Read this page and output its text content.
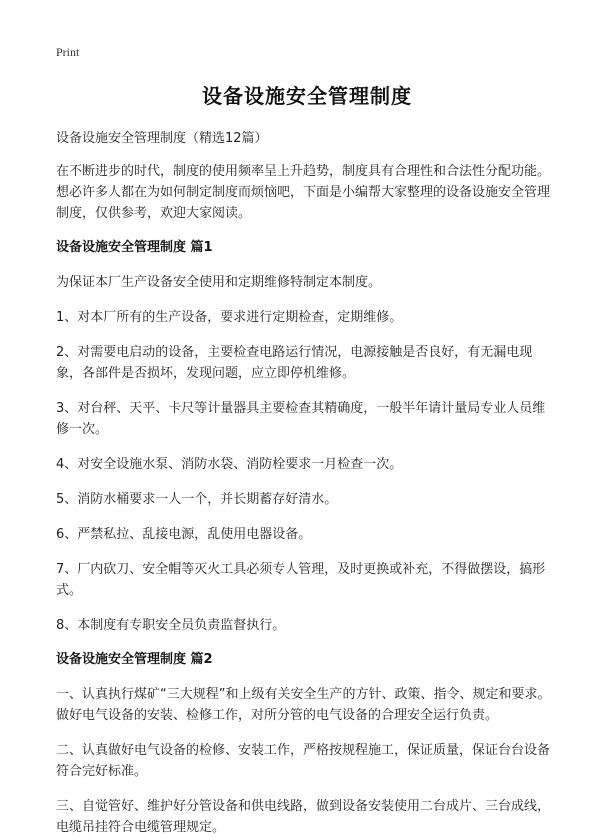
Print
设备设施安全管理制度

设备设施安全管理制度（精选12篇）

在不断进步的时代，制度的使用频率呈上升趋势，制度具有合理性和合法性分配功能。想必许多人都在为如何制定制度而烦恼吧，下面是小编帮大家整理的设备设施安全管理制度，仅供参考，欢迎大家阅读。

设备设施安全管理制度 篇1

为保证本厂生产设备安全使用和定期维修特制定本制度。

1、对本厂所有的生产设备，要求进行定期检查，定期维修。

2、对需要电启动的设备，主要检查电路运行情况，电源接触是否良好，有无漏电现象，各部件是否损坏，发现问题，应立即停机维修。

3、对台秤、天平、卡尺等计量器具主要检查其精确度，一般半年请计量局专业人员维修一次。

4、对安全设施水泵、消防水袋、消防栓要求一月检查一次。

5、消防水桶要求一人一个，并长期蓄存好清水。

6、严禁私拉、乱接电源，乱使用电器设备。

7、厂内砍刀、安全帽等灭火工具必须专人管理，及时更换或补充，不得做摆设，搞形式。

8、本制度有专职安全员负责监督执行。

设备设施安全管理制度 篇2

一、认真执行煤矿“三大规程”和上级有关安全生产的方针、政策、指令、规定和要求。做好电气设备的安装、检修工作，对所分管的电气设备的合理安全运行负责。

二、认真做好电气设备的检修、安装工作，严格按规程施工，保证质量，保证台台设备符合完好标准。

三、自觉管好、维护好分管设备和供电线路，做到设备安装使用二台成片、三台成线，电缆吊挂符合电缆管理规定。
